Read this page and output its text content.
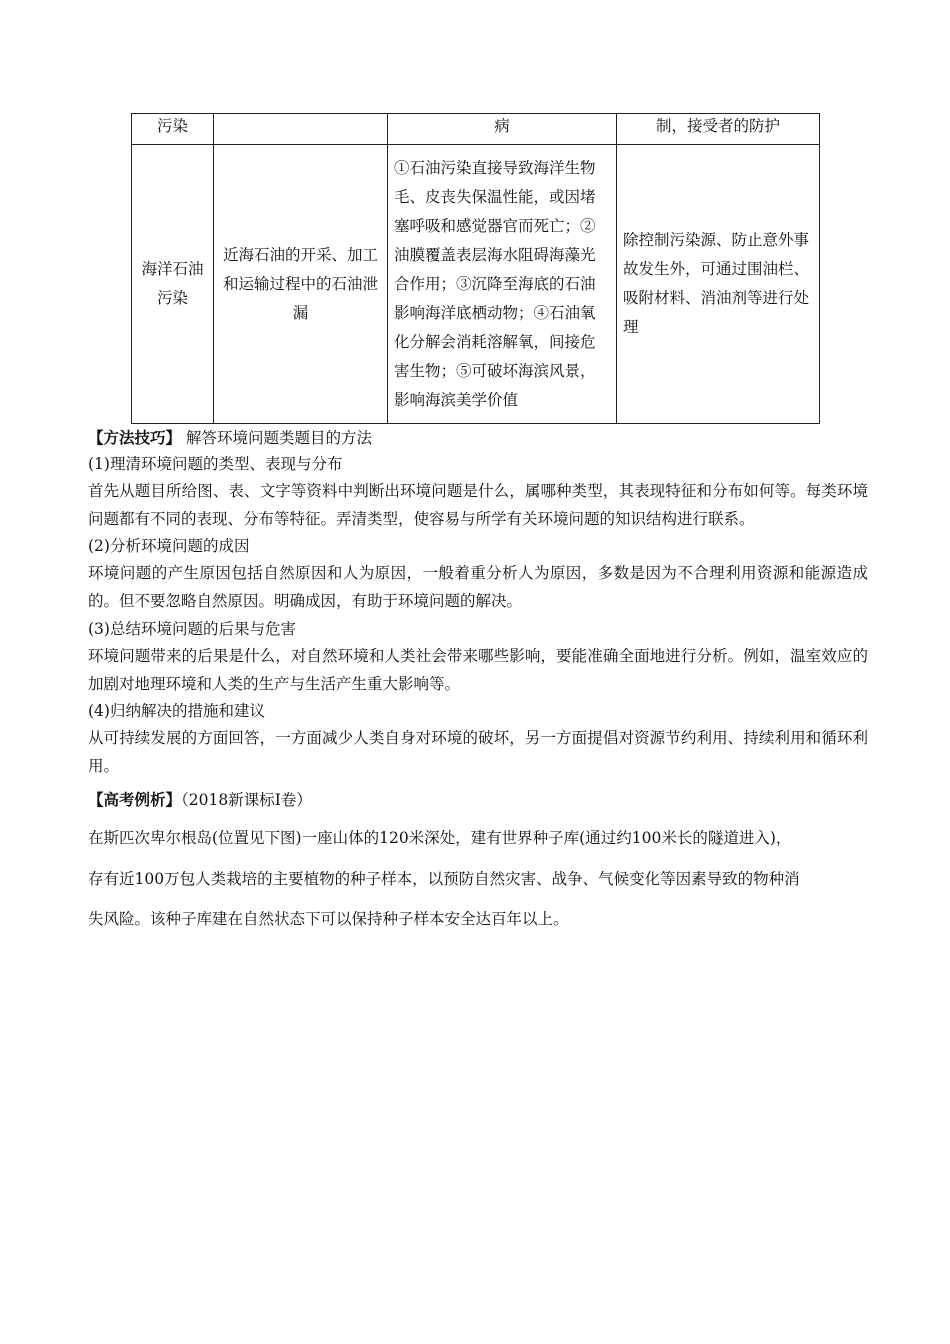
污染		病	制，接受者的防护
海洋石油污染	近海石油的开采、加工和运输过程中的石油泄漏	①石油污染直接导致海洋生物毛、皮丧失保温性能，或因堵塞呼吸和感觉器官而死亡；②油膜覆盖表层海水阻碍海藻光合作用；③沉降至海底的石油影响海洋底栖动物；④石油氧化分解会消耗溶解氧，间接危害生物；⑤可破坏海滨风景，影响海滨美学价值	除控制污染源、防止意外事故发生外，可通过围油栏、吸附材料、消油剂等进行处理

【方法技巧】 解答环境问题类题目的方法

(1)理清环境问题的类型、表现与分布

首先从题目所给图、表、文字等资料中判断出环境问题是什么，属哪种类型，其表现特征和分布如何等。每类环境问题都有不同的表现、分布等特征。弄清类型，使容易与所学有关环境问题的知识结构进行联系。

(2)分析环境问题的成因

环境问题的产生原因包括自然原因和人为原因，一般着重分析人为原因，多数是因为不合理利用资源和能源造成的。但不要忽略自然原因。明确成因，有助于环境问题的解决。

(3)总结环境问题的后果与危害

环境问题带来的后果是什么，对自然环境和人类社会带来哪些影响，要能准确全面地进行分析。例如，温室效应的加剧对地理环境和人类的生产与生活产生重大影响等。

(4)归纳解决的措施和建议

从可持续发展的方面回答，一方面减少人类自身对环境的破坏，另一方面提倡对资源节约利用、持续利用和循环利用。

【高考例析】（2018新课标Ⅰ卷）

在斯匹次卑尔根岛(位置见下图)一座山体的120米深处，建有世界种子库(通过约100米长的隧道进入)，

存有近100万包人类栽培的主要植物的种子样本，以预防自然灾害、战争、气候变化等因素导致的物种消

失风险。该种子库建在自然状态下可以保持种子样本安全达百年以上。
